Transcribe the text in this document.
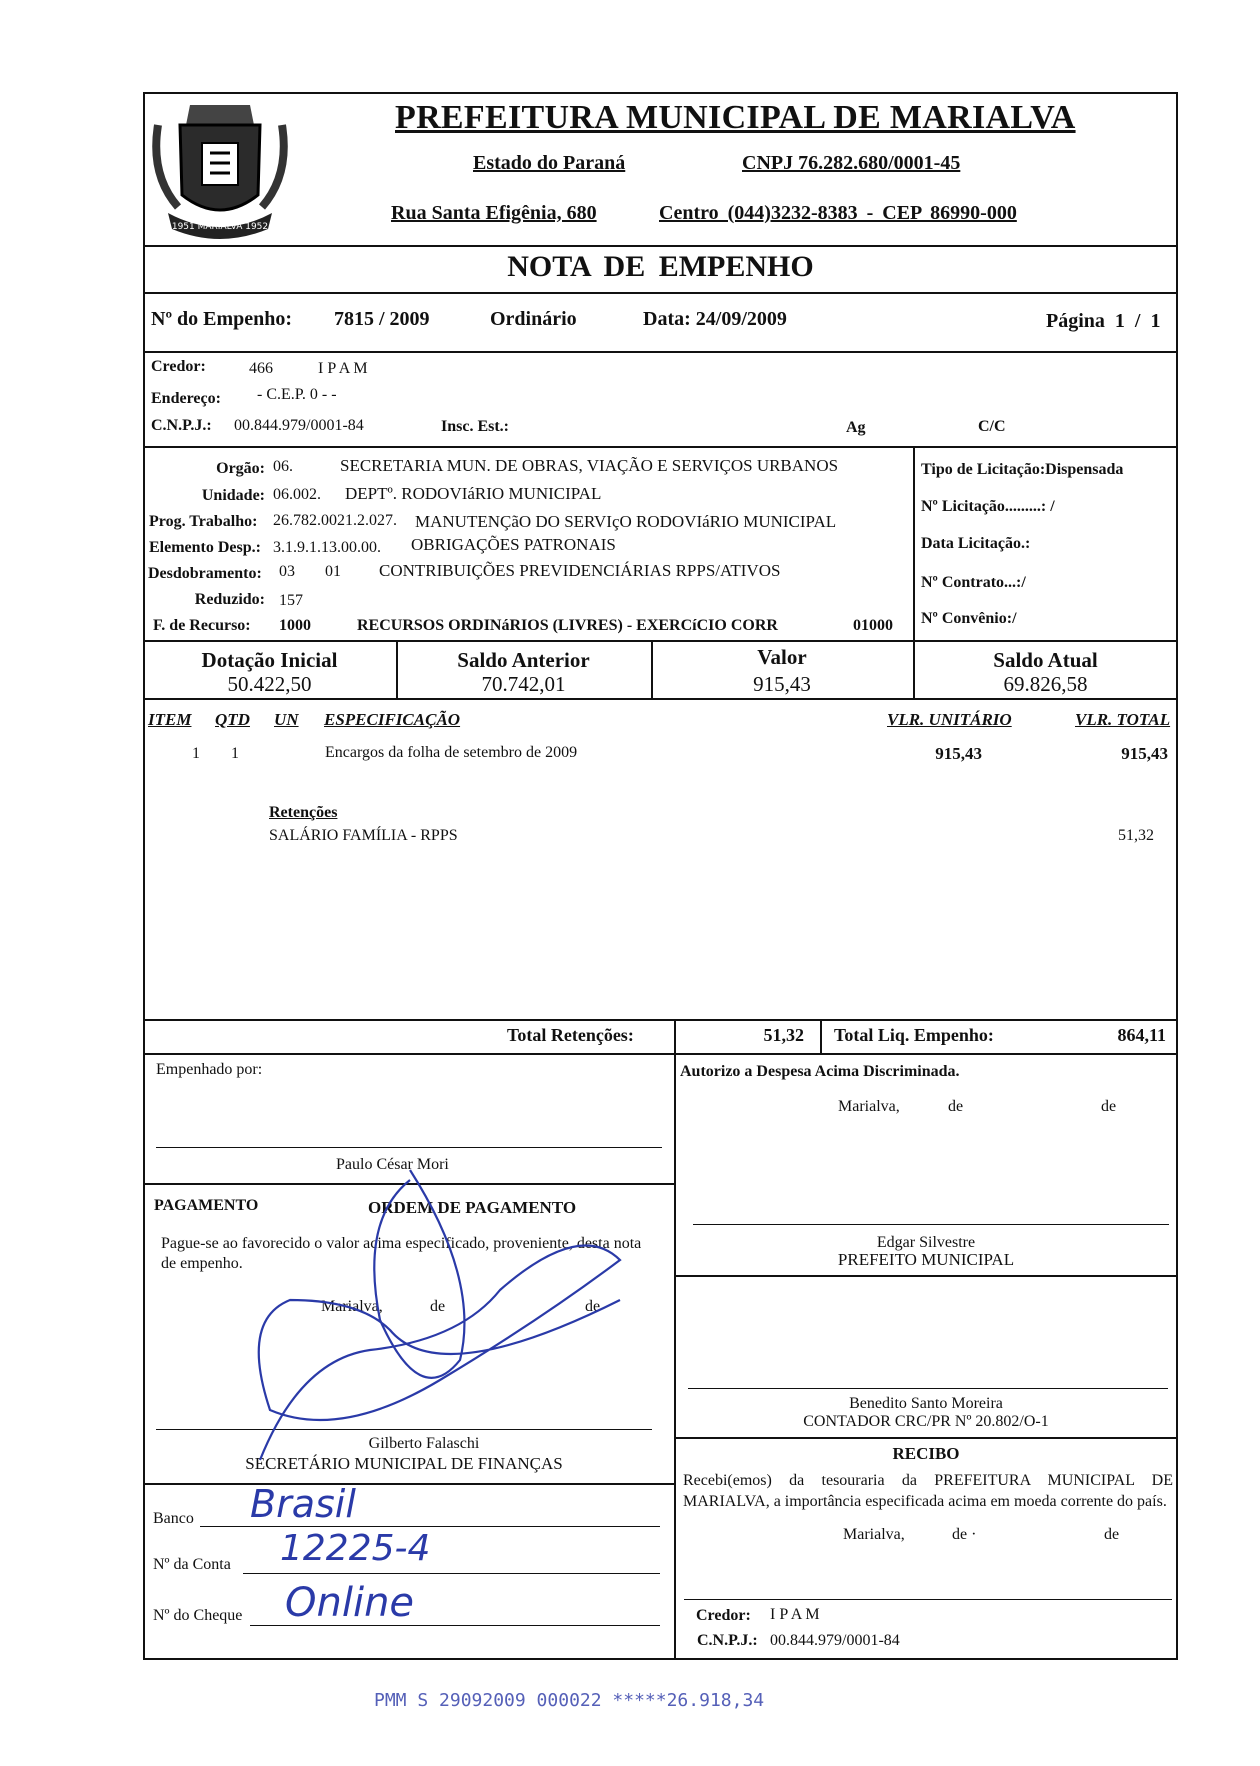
1951 MARIALVA 1952
PREFEITURA MUNICIPAL DE MARIALVA
Estado do Paraná	CNPJ 76.282.680/0001-45
Rua Santa Efigênia, 680	Centro (044)3232-8383 - CEP 86990-000
NOTA DE EMPENHO
Nº do Empenho: 7815 / 2009	Ordinário	Data: 24/09/2009	Página 1 / 1
Credor:	466	I P A M
Endereço: - C.E.P. 0 - -
C.N.P.J.: 00.844.979/0001-84	Insc. Est.:	Ag	C/C
Orgão: 06.	SECRETARIA MUN. DE OBRAS, VIAÇÃO E SERVIÇOS URBANOS
Unidade: 06.002. DEPTº. RODOVIáRIO MUNICIPAL
Prog. Trabalho: 26.782.0021.2.027. MANUTENÇãO DO SERVIçO RODOVIáRIO MUNICIPAL
Elemento Desp.: 3.1.9.1.13.00.00. OBRIGAÇÕES PATRONAIS
Desdobramento: 03 01 CONTRIBUIÇÕES PREVIDENCIÁRIAS RPPS/ATIVOS
Reduzido: 157
F. de Recurso: 1000	RECURSOS ORDINáRIOS (LIVRES) - EXERCíCIO CORR	01000
Tipo de Licitação:Dispensada
Nº Licitação.........: /
Data Licitação.:
Nº Contrato...:/
Nº Convênio:/
Dotação Inicial
50.422,50
Saldo Anterior
70.742,01
Valor
915,43
Saldo Atual
69.826,58
ITEM QTD UN ESPECIFICAÇÃO	VLR. UNITÁRIO	VLR. TOTAL
1 1	Encargos da folha de setembro de 2009	915,43	915,43
Retenções
SALÁRIO FAMÍLIA - RPPS	51,32
Total Retenções:	51,32 Total Liq. Empenho:	864,11
Empenhado por:
Paulo César Mori
PAGAMENTO	ORDEM DE PAGAMENTO
Pague-se ao favorecido o valor acima especificado, proveniente, desta nota de empenho.
Marialva,	de	de
Gilberto Falaschi
SECRETÁRIO MUNICIPAL DE FINANÇAS
Banco Brasil
Nº da Conta 12225-4
Nº do Cheque Online
Autorizo a Despesa Acima Discriminada.
Marialva,	de	de
Edgar Silvestre
PREFEITO MUNICIPAL
Benedito Santo Moreira
CONTADOR CRC/PR Nº 20.802/O-1
RECIBO
Recebi(emos) da tesouraria da PREFEITURA MUNICIPAL DE MARIALVA, a importância especificada acima em moeda corrente do país.
Marialva,	de ·	de
Credor: I P A M
C.N.P.J.: 00.844.979/0001-84
PMM S 29092009 000022 *****26.918,34
